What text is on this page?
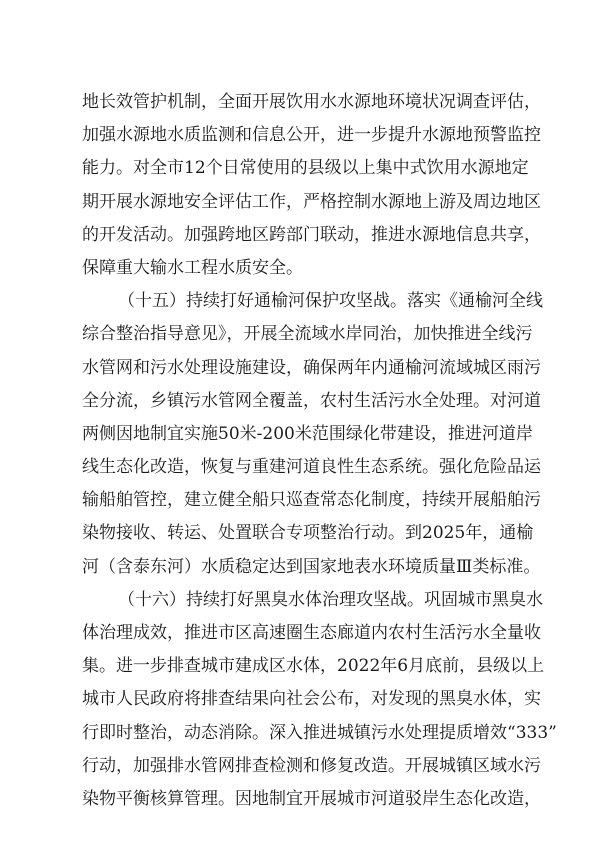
地长效管护机制，全面开展饮用水水源地环境状况调查评估，
加强水源地水质监测和信息公开，进一步提升水源地预警监控
能力。对全市12个日常使用的县级以上集中式饮用水源地定
期开展水源地安全评估工作，严格控制水源地上游及周边地区
的开发活动。加强跨地区跨部门联动，推进水源地信息共享，
保障重大输水工程水质安全。
（十五）持续打好通榆河保护攻坚战。落实《通榆河全线
综合整治指导意见》，开展全流域水岸同治，加快推进全线污
水管网和污水处理设施建设，确保两年内通榆河流域城区雨污
全分流，乡镇污水管网全覆盖，农村生活污水全处理。对河道
两侧因地制宜实施50米-200米范围绿化带建设，推进河道岸
线生态化改造，恢复与重建河道良性生态系统。强化危险品运
输船舶管控，建立健全船只巡查常态化制度，持续开展船舶污
染物接收、转运、处置联合专项整治行动。到2025年，通榆
河（含泰东河）水质稳定达到国家地表水环境质量Ⅲ类标准。
（十六）持续打好黑臭水体治理攻坚战。巩固城市黑臭水
体治理成效，推进市区高速圈生态廊道内农村生活污水全量收
集。进一步排查城市建成区水体，2022年6月底前，县级以上
城市人民政府将排查结果向社会公布，对发现的黑臭水体，实
行即时整治，动态消除。深入推进城镇污水处理提质增效“333”
行动，加强排水管网排查检测和修复改造。开展城镇区域水污
染物平衡核算管理。因地制宜开展城市河道驳岸生态化改造，
